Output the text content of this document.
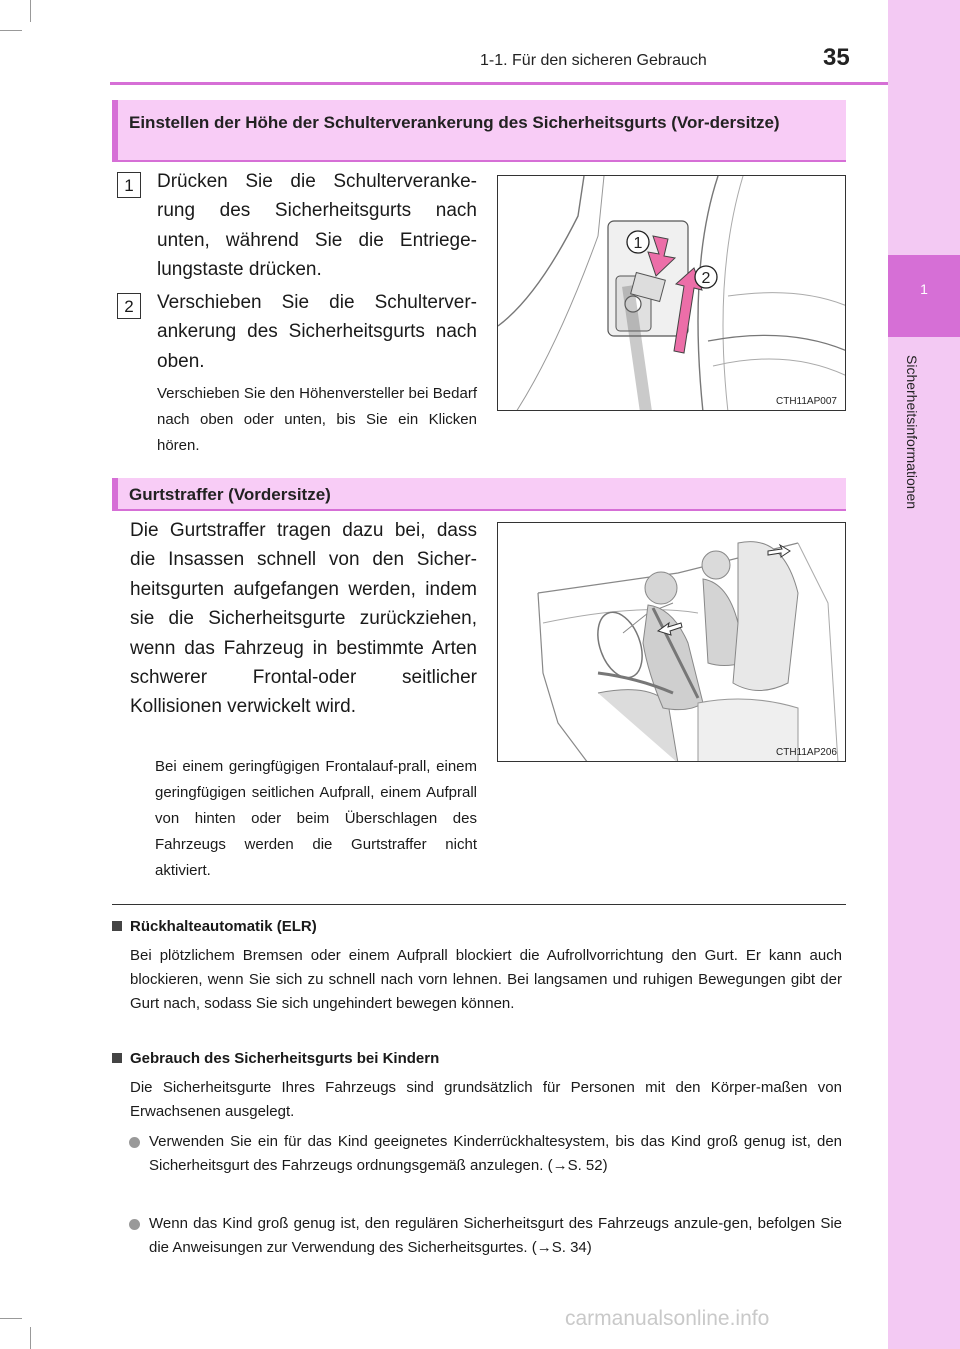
1
Sicherheitsinformationen
1-1. Für den sicheren Gebrauch	35
Einstellen der Höhe der Schulterverankerung des Sicherheitsgurts (Vor-dersitze)
1	Drücken Sie die Schulterveranke-rung des Sicherheitsgurts nach unten, während Sie die Entriege-lungstaste drücken.
2	Verschieben Sie die Schulterver-ankerung des Sicherheitsgurts nach oben.
Verschieben Sie den Höhenversteller bei Bedarf nach oben oder unten, bis Sie ein Klicken hören.
1
2
CTH11AP007
Gurtstraffer (Vordersitze)
Die Gurtstraffer tragen dazu bei, dass die Insassen schnell von den Sicher-heitsgurten aufgefangen werden, indem sie die Sicherheitsgurte zurückziehen, wenn das Fahrzeug in bestimmte Arten schwerer Frontal-oder seitlicher Kollisionen verwickelt wird.
Bei einem geringfügigen Frontalauf-prall, einem geringfügigen seitlichen Aufprall, einem Aufprall von hinten oder beim Überschlagen des Fahrzeugs werden die Gurtstraffer nicht aktiviert.
CTH11AP206
Rückhalteautomatik (ELR)
Bei plötzlichem Bremsen oder einem Aufprall blockiert die Aufrollvorrichtung den Gurt. Er kann auch blockieren, wenn Sie sich zu schnell nach vorn lehnen. Bei langsamen und ruhigen Bewegungen gibt der Gurt nach, sodass Sie sich ungehindert bewegen können.
Gebrauch des Sicherheitsgurts bei Kindern
Die Sicherheitsgurte Ihres Fahrzeugs sind grundsätzlich für Personen mit den Körper-maßen von Erwachsenen ausgelegt.
Verwenden Sie ein für das Kind geeignetes Kinderrückhaltesystem, bis das Kind groß genug ist, den Sicherheitsgurt des Fahrzeugs ordnungsgemäß anzulegen. (→S. 52)
Wenn das Kind groß genug ist, den regulären Sicherheitsgurt des Fahrzeugs anzule-gen, befolgen Sie die Anweisungen zur Verwendung des Sicherheitsgurtes. (→S. 34)
carmanualsonline.info
